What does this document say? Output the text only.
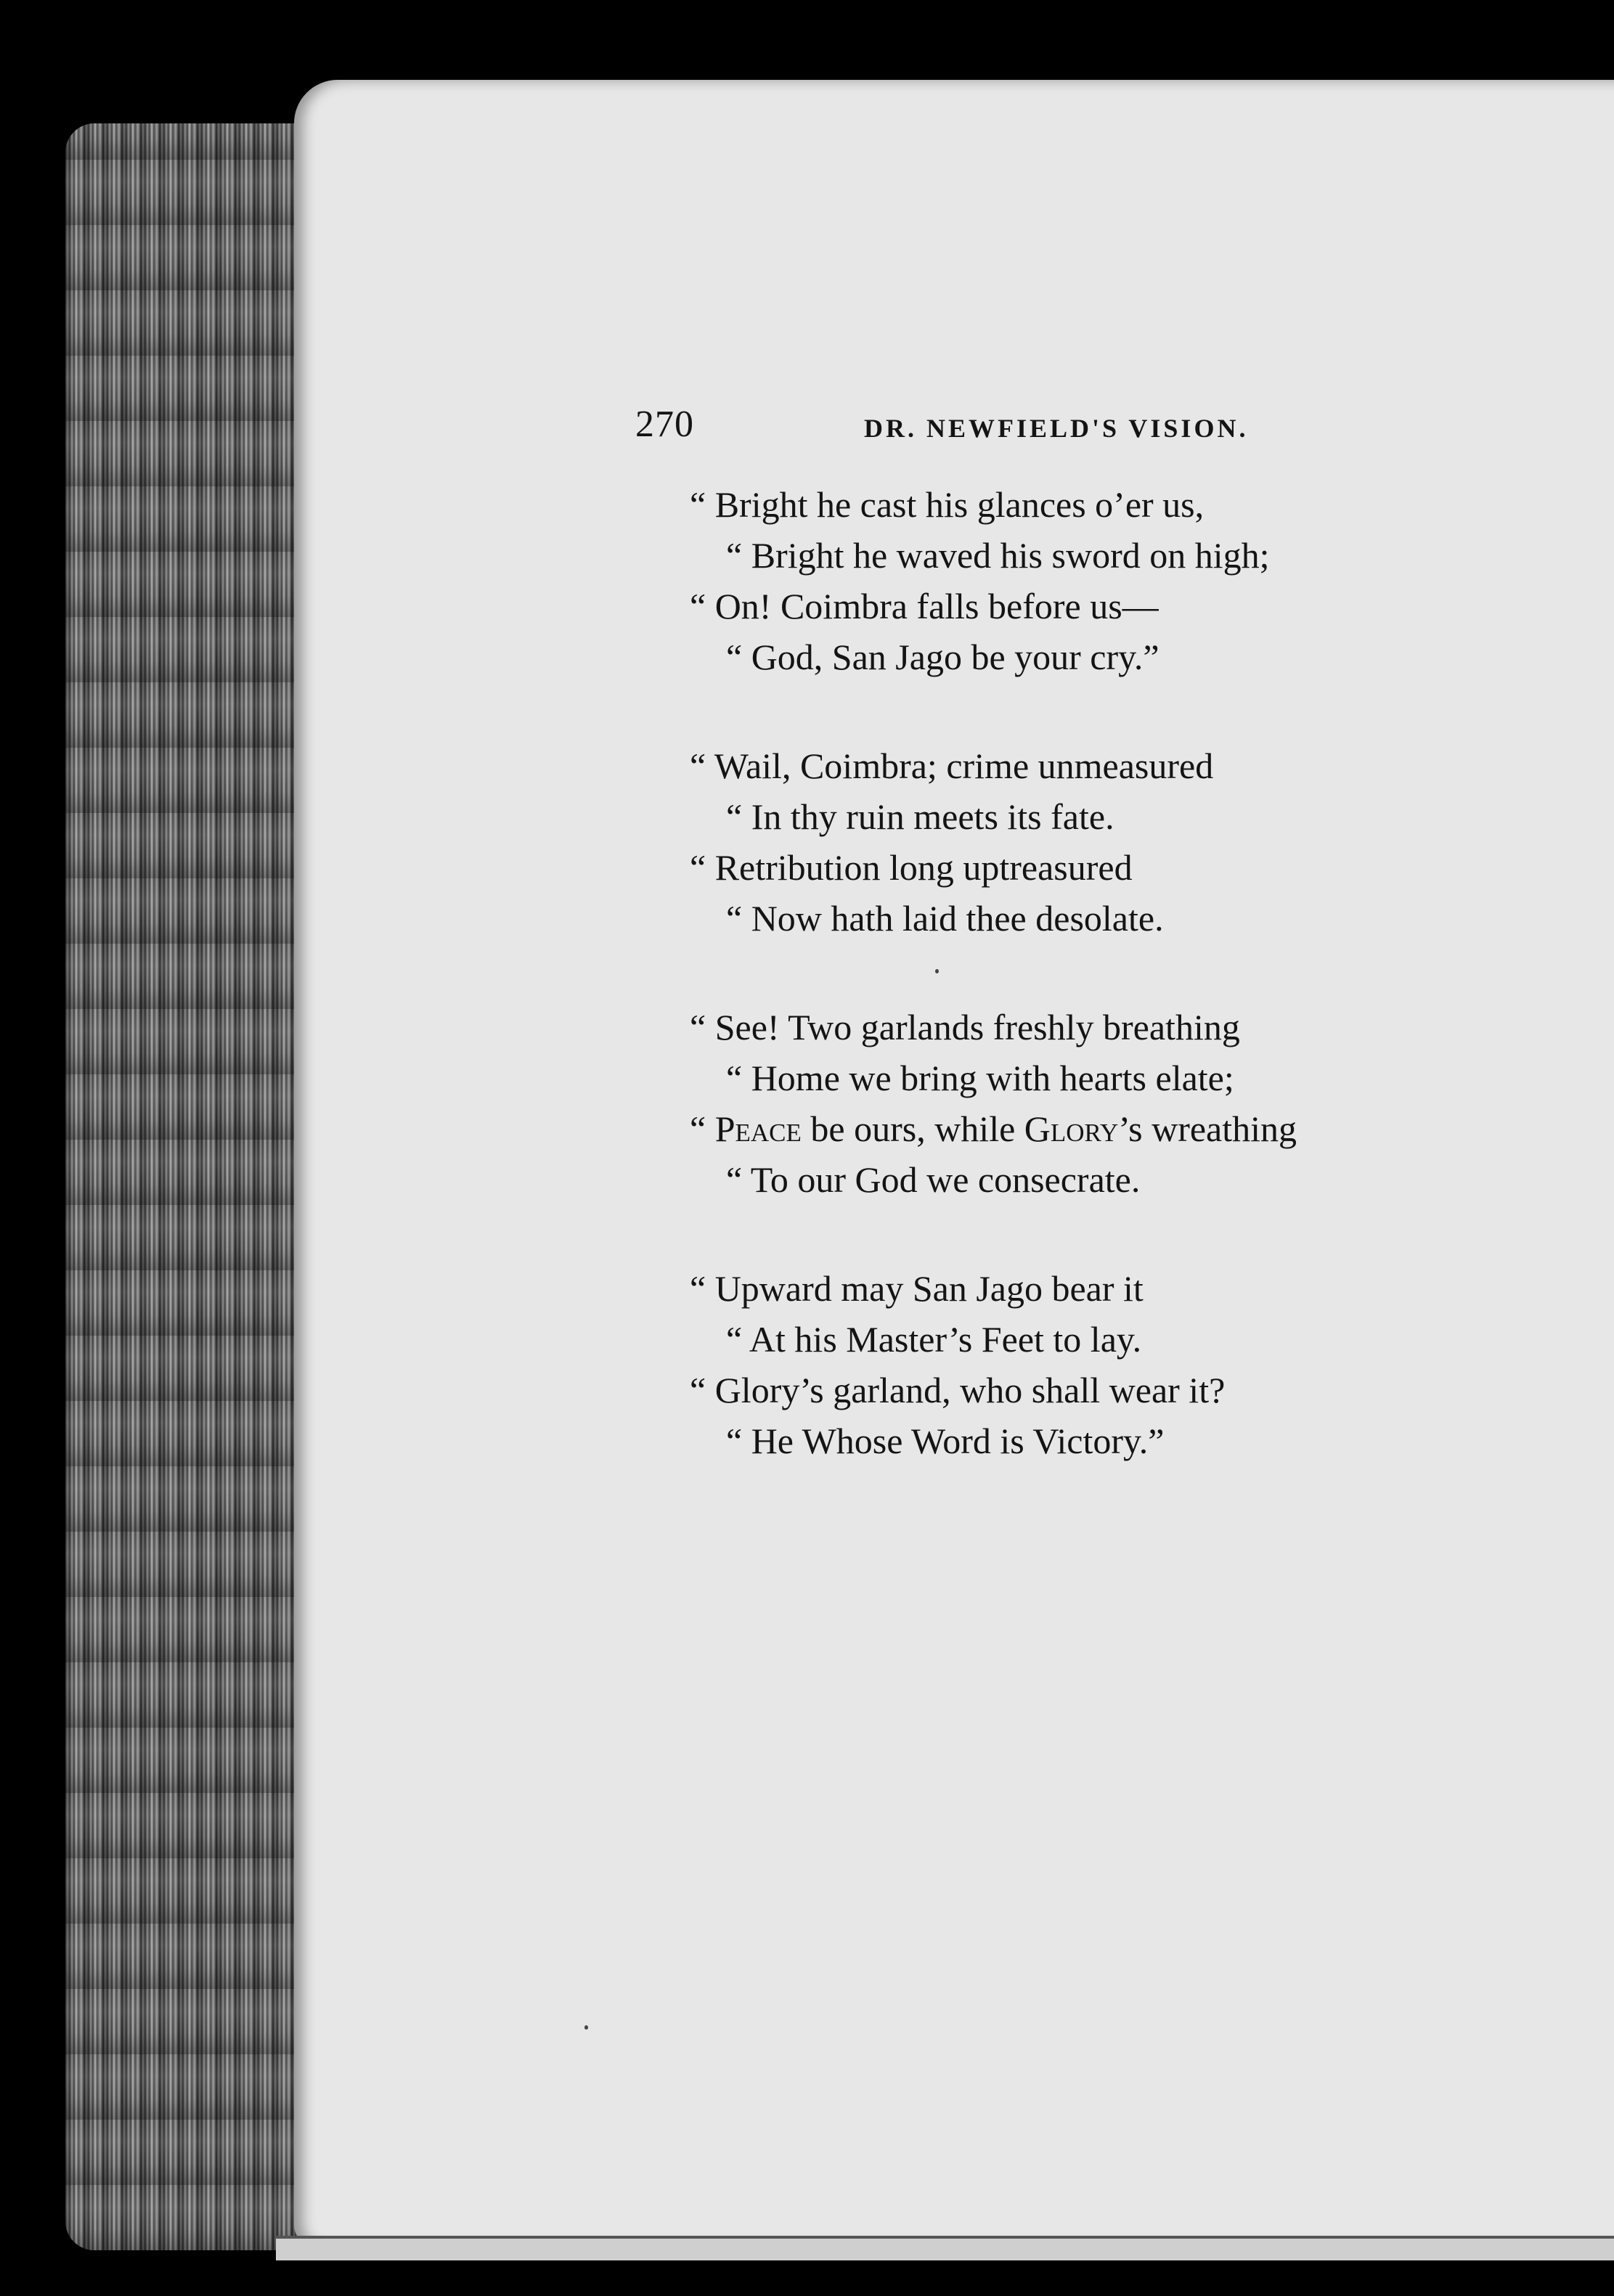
270	DR. NEWFIELD'S VISION.
“ Bright he cast his glances o’er us,
“ Bright he waved his sword on high;
“ On! Coimbra falls before us—
“ God, San Jago be your cry.”
“ Wail, Coimbra; crime unmeasured
“ In thy ruin meets its fate.
“ Retribution long uptreasured
“ Now hath laid thee desolate.
“ See! Two garlands freshly breathing
“ Home we bring with hearts elate;
“ Peace be ours, while Glory’s wreathing
“ To our God we consecrate.
“ Upward may San Jago bear it
“ At his Master’s Feet to lay.
“ Glory’s garland, who shall wear it?
“ He Whose Word is Victory.”
